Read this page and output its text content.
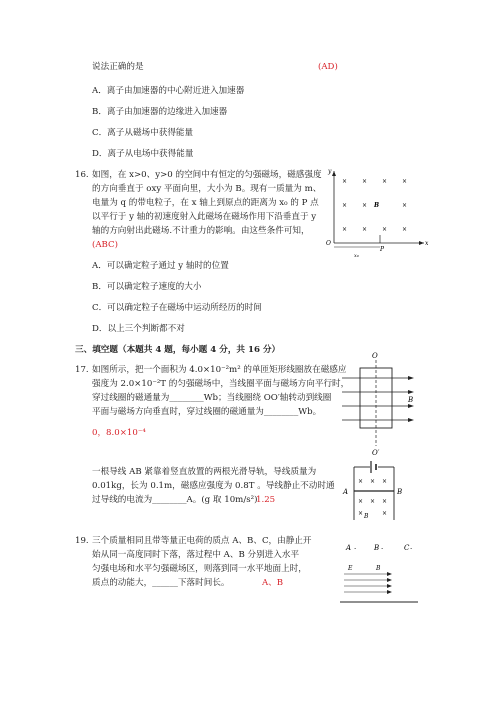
说法正确的是	(AD)
A．离子由加速器的中心附近进入加速器
B．离子由加速器的边缘进入加速器
C．离子从磁场中获得能量
D．离子从电场中获得能量
16. 如图，在 x>0、y>0 的空间中有恒定的匀强磁场，磁感强度
的方向垂直于 oxy 平面向里，大小为 B。现有一质量为 m、
电量为 q 的带电粒子，在 x 轴上到原点的距离为 x₀ 的 P 点
以平行于 y 轴的初速度射入此磁场在磁场作用下沿垂直于 y
轴的方向射出此磁场.不计重力的影响。由这些条件可知，
(ABC)
A．可以确定粒子通过 y 轴时的位置
B．可以确定粒子速度的大小
C．可以确定粒子在磁场中运动所经历的时间
D．以上三个判断都不对
y
x
O
B
P
x₀
× × × ×
× ×	×
× × × ×
三、填空题（本题共 4 题，每小题 4 分，共 16 分）
17. 如图所示，把一个面积为 4.0×10⁻²m² 的单匝矩形线圈放在磁感应
强度为 2.0×10⁻²T 的匀强磁场中，当线圈平面与磁场方向平行时，
穿过线圈的磁通量为________Wb；当线圈绕 OO′轴转动到线圈
平面与磁场方向垂直时，穿过线圈的磁通量为________Wb。
0，8.0×10⁻⁴
O
O′
B
一根导线 AB 紧靠着竖直放置的两根光滑导轨，导线质量为
0.01kg，长为 0.1m，磁感应强度为 0.8T 。导线静止不动时通
过导线的电流为________A。(g 取 10m/s²)
1.25
A	B
B
× × ×
× × ×
×	×
19. 三个质量相同且带等量正电荷的质点 A、B、C，由静止开
始从同一高度同时下落，落过程中 A、B 分别进入水平
匀强电场和水平匀强磁场区，则落到同一水平地面上时，
质点的动能大，______下落时间长。	A、B
A ·	B ·	C ·
E	B
